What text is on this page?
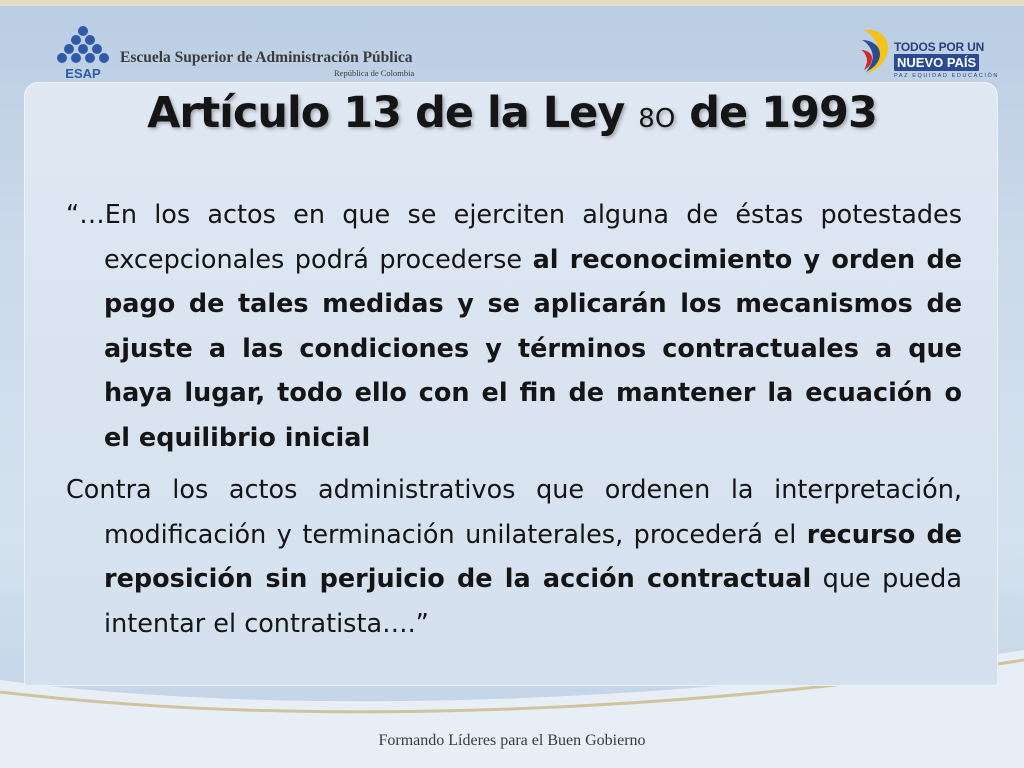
ESAP
Escuela Superior de Administración Pública
República de Colombia
TODOS POR UN
NUEVO PAÍS
PAZ EQUIDAD EDUCACIÓN
Artículo 13 de la Ley 8O de 1993

“…En los actos en que se ejerciten alguna de éstas potestades excepcionales podrá procederse al reconocimiento y orden de pago de tales medidas y se aplicarán los mecanismos de ajuste a las condiciones y términos contractuales a que haya lugar, todo ello con el fin de mantener la ecuación o el equilibrio inicial

Contra los actos administrativos que ordenen la interpretación, modificación y terminación unilaterales, procederá el recurso de reposición sin perjuicio de la acción contractual que pueda intentar el contratista….”

Formando Líderes para el Buen Gobierno
